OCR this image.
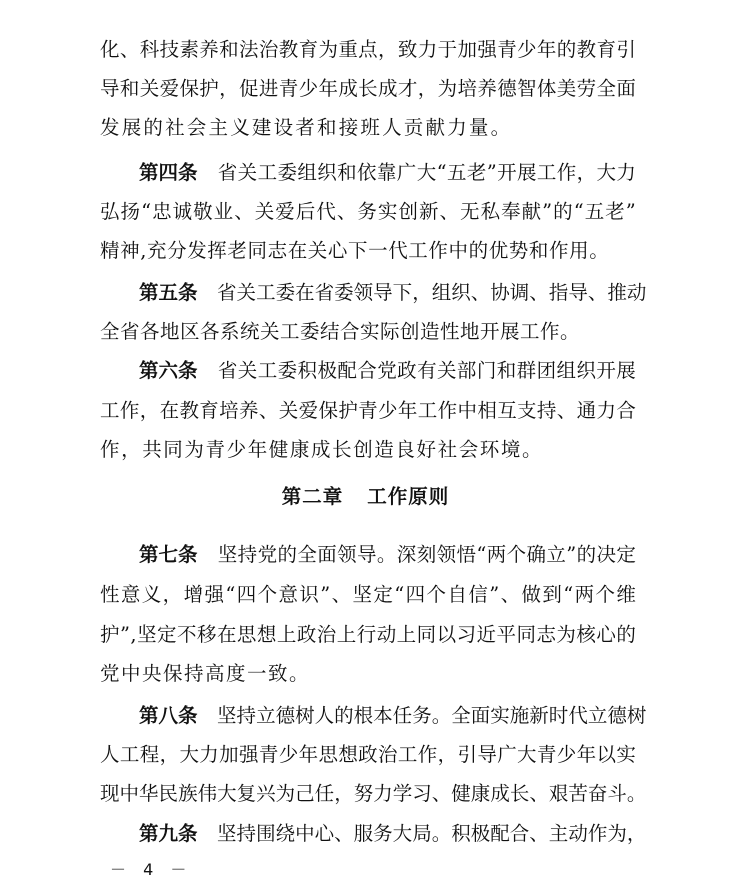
化 、 科 技 素 养 和 法 治 教 育 为 重 点 ， 致 力 于 加 强 青 少 年 的 教 育 引
导 和 关 爱 保 护 ， 促 进 青 少 年 成 长 成 才 ， 为 培 养 德 智 体 美 劳 全 面
发展的社会主义建设者和接班人贡献力量。
第四条
　 省 关 工 委 组 织 和 依 靠 广 大 “ 五 老 ” 开 展 工 作 ， 大 力
弘 扬 “ 忠 诚 敬 业 、 关 爱 后 代 、 务 实 创 新 、 无 私 奉 献 ” 的 “ 五 老 ”
精神,充分发挥老同志在关心下一代工作中的优势和作用。
第五条
　 省 关 工 委 在 省 委 领 导 下 ， 组 织 、 协 调 、 指 导 、 推 动
全省各地区各系统关工委结合实际创造性地开展工作。
第六条
　 省 关 工 委 积 极 配 合 党 政 有 关 部 门 和 群 团 组 织 开 展
工 作 ， 在 教 育 培 养 、 关 爱 保 护 青 少 年 工 作 中 相 互 支 持 、 通 力 合
作，共同为青少年健康成长创造良好社会环境。
第二章 工作原则
第七条
　 坚 持 党 的 全 面 领 导 。 深 刻 领 悟 “ 两 个 确 立 ” 的 决 定
性 意 义 ， 增 强 “ 四 个 意 识 ” 、 坚 定 “ 四 个 自 信 ” 、 做 到 “ 两 个 维
护 ” , 坚 定 不 移 在 思 想 上 政 治 上 行 动 上 同 以 习 近 平 同 志 为 核 心 的
党中央保持高度一致。
第八条
　 坚 持 立 德 树 人 的 根 本 任 务 。 全 面 实 施 新 时 代 立 德 树
人 工 程 ， 大 力 加 强 青 少 年 思 想 政 治 工 作 ， 引 导 广 大 青 少 年 以 实
现 中 华 民 族 伟 大 复 兴 为 己 任 ， 努 力 学 习 、 健 康 成 长 、 艰 苦 奋 斗 。
第九条
　 坚 持 围 绕 中 心 、 服 务 大 局 。 积 极 配 合 、 主 动 作 为 ，
－ 4 －
